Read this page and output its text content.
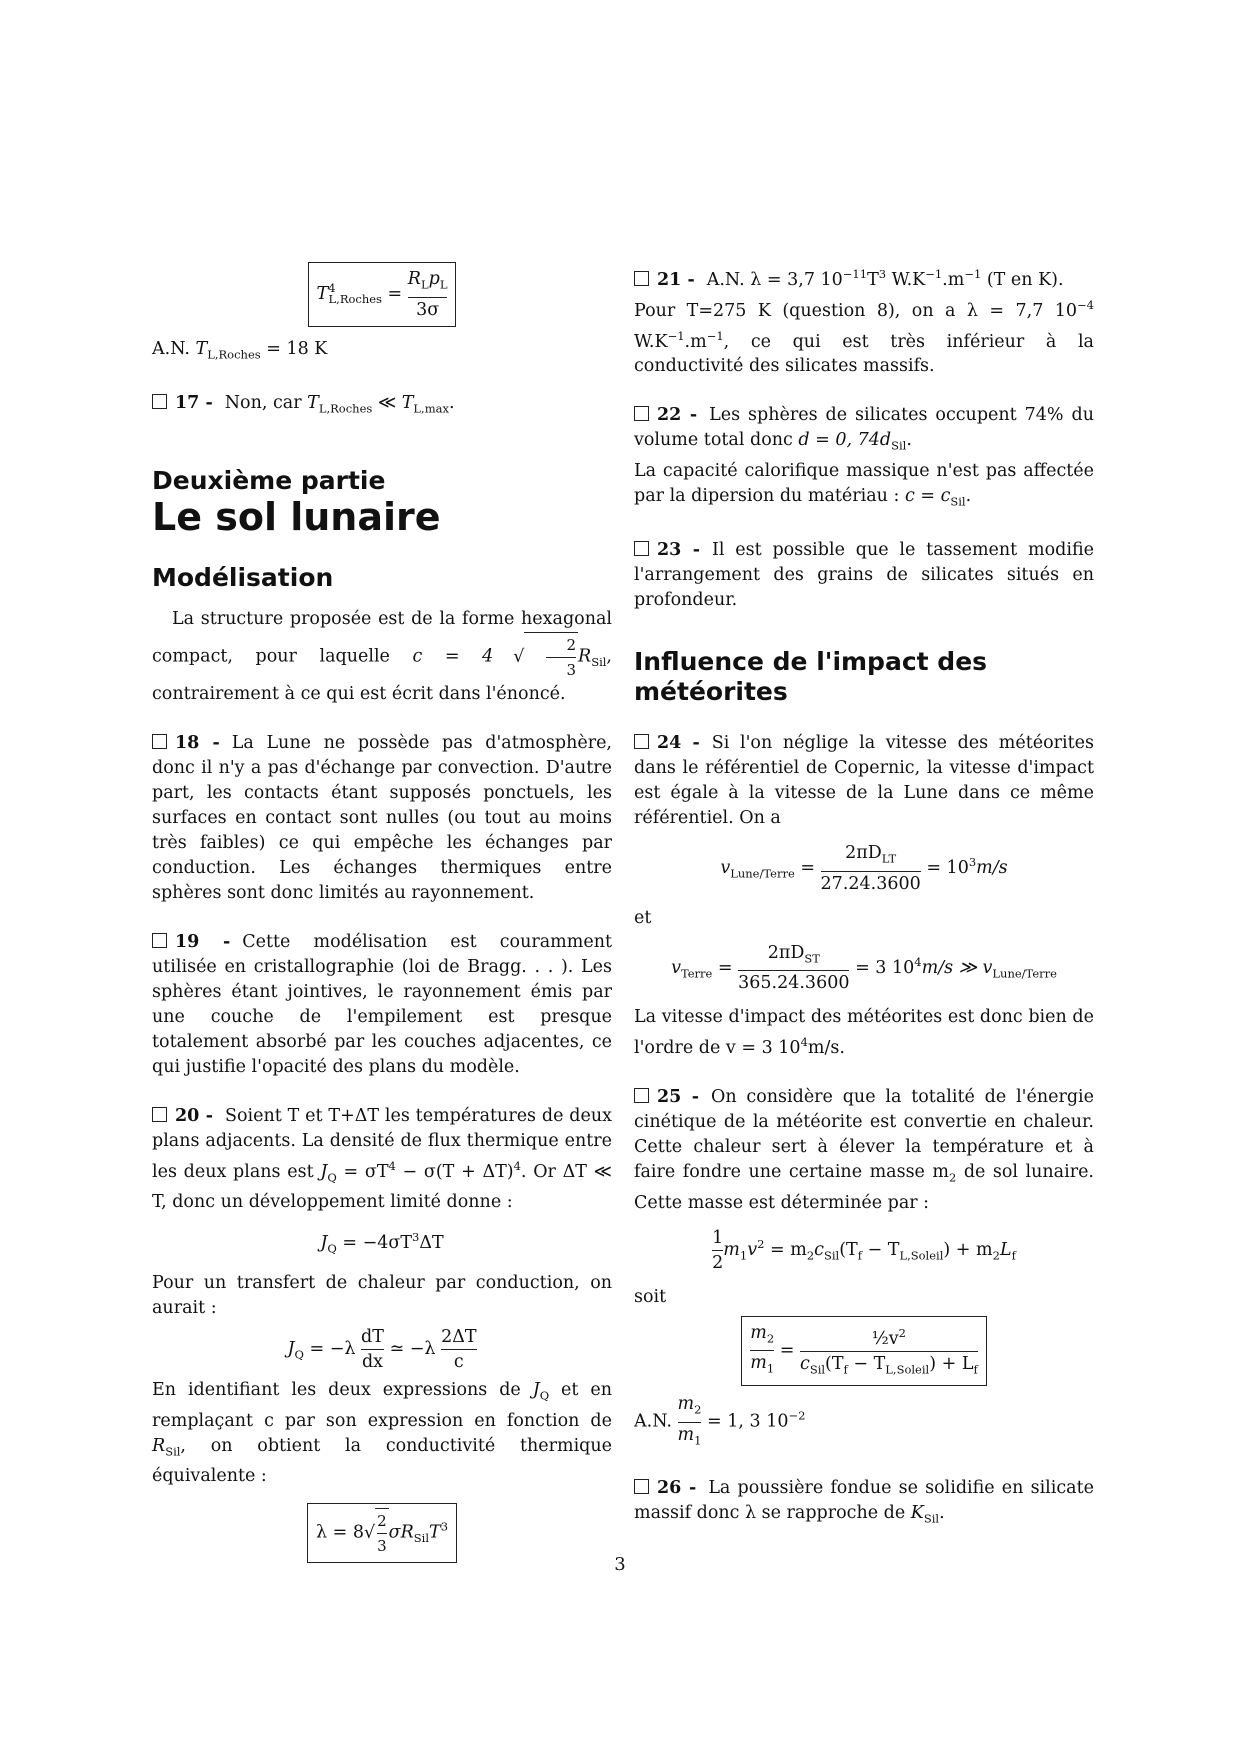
$T^4_{L,Roches} = \frac{R_Lp_L}{3\sigma}$

A.N. $T_{L,Roches} = 18$ K

17 - Non, car $T_{L,Roches}$ ≪ $T_{L,max}$.

Deuxième partie
Le sol lunaire
Modélisation

La structure proposée est de la forme hexagonal compact, pour laquelle c = 4 √ $\frac{2}{3} R_{Sil}$, contrairement à ce qui est écrit dans l'énoncé.

18 - La Lune ne possède pas d'atmosphère, donc il n'y a pas d'échange par convection. D'autre part, les contacts étant supposés ponctuels, les surfaces en contact sont nulles (ou tout au moins très faibles) ce qui empêche les échanges par conduction. Les échanges thermiques entre sphères sont donc limités au rayonnement.

19 - Cette modélisation est couramment utilisée en cristallographie (loi de Bragg. . . ). Les sphères étant jointives, le rayonnement émis par une couche de l'empilement est presque totalement absorbé par les couches adjacentes, ce qui justifie l'opacité des plans du modèle.

20 - Soient T et T+ΔT les températures de deux plans adjacents. La densité de flux thermique entre les deux plans est $J_Q = \sigma T^4 - \sigma(T + \Delta T)^4$. Or ΔT ≪ T, donc un développement limité donne :

$J_Q = -4\sigma T^3\Delta T$

Pour un transfert de chaleur par conduction, on aurait :

$J_Q = -\lambda \frac{dT}{dx}$ ≃ $-\lambda \frac{2\Delta T}{c}$

En identifiant les deux expressions de $J_Q$ et en remplaçant c par son expression en fonction de $R_{Sil}$, on obtient la conductivité thermique équivalente :

$\lambda = 8√ \frac{2}{3} \sigma R_{Sil}T^3$

21 - A.N. λ = 3,7 $10^{-11}T^3$ $W.K^{-1}.m^{-1}$ (T en K).

Pour T=275 K (question 8), on a λ = 7,7 $10^{-4}$ $W.K^{-1}.m^{-1}$, ce qui est très inférieur à la conductivité des silicates massifs.

22 - Les sphères de silicates occupent 74% du volume total donc d = 0, $74d_{Sil}$.

La capacité calorifique massique n'est pas affectée par la dipersion du matériau : $c = c_{Sil}$.

23 - Il est possible que le tassement modifie l'arrangement des grains de silicates situés en profondeur.

Influence de l'impact des météorites

24 - Si l'on néglige la vitesse des météorites dans le référentiel de Copernic, la vitesse d'impact est égale à la vitesse de la Lune dans ce même référentiel. On a

$v_{Lune/Terre} = \frac{2\pi D_{LT}}{27.24.3600} = 10^3m/s$

et

$v_{Terre} = \frac{2\pi D_{ST}}{365.24.3600} = 3$ $10^4m/s$ ≫ $v_{Lune/Terre}$

La vitesse d'impact des météorites est donc bien de l'ordre de v = 3 $10^4m/s$.

25 - On considère que la totalité de l'énergie cinétique de la météorite est convertie en chaleur. Cette chaleur sert à élever la température et à faire fondre une certaine masse $m_2$ de sol lunaire. Cette masse est déterminée par :

$\frac{1}{2} m_1v^2 = m_2c_{Sil}(T_f - T_{L,Soleil}) + m_2L_f$

soit

$\frac{m_2}{m_1} = \frac{\frac{1}{2}v^2}{c_{Sil}(T_f - T_{L,Soleil}) + L_f}$

A.N. $\frac{m_2}{m_1} = 1$, 3 $10^{-2}$

26 - La poussière fondue se solidifie en silicate massif donc λ se rapproche de $K_{Sil}$.

3
